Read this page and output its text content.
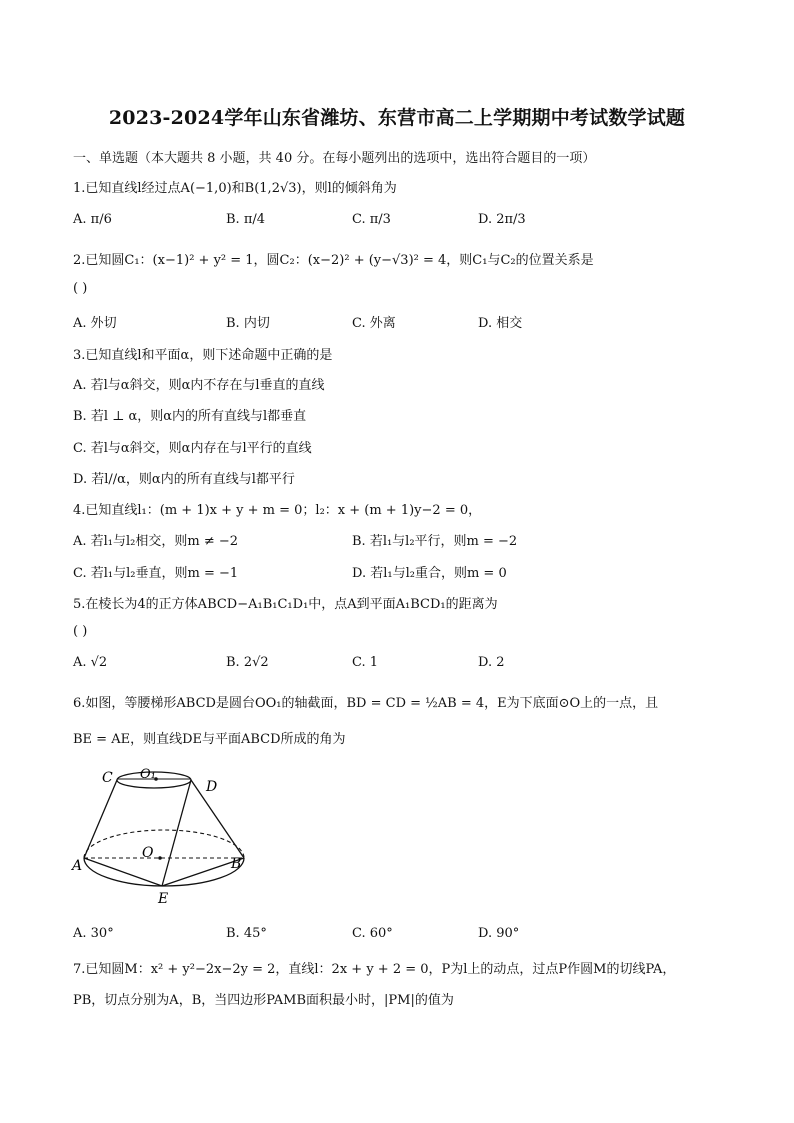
2023-2024学年山东省潍坊、东营市高二上学期期中考试数学试题
一、单选题（本大题共 8 小题，共 40 分。在每小题列出的选项中，选出符合题目的一项）
1.已知直线l经过点A(−1,0)和B(1,2√3)，则l的倾斜角为
A. π/6	B. π/4	C. π/3	D. 2π/3
2.已知圆C₁：(x−1)² + y² = 1，圆C₂：(x−2)² + (y−√3)² = 4，则C₁与C₂的位置关系是
( )
A. 外切	B. 内切	C. 外离	D. 相交
3.已知直线l和平面α，则下述命题中正确的是
A. 若l与α斜交，则α内不存在与l垂直的直线
B. 若l ⊥ α，则α内的所有直线与l都垂直
C. 若l与α斜交，则α内存在与l平行的直线
D. 若l//α，则α内的所有直线与l都平行
4.已知直线l₁：(m + 1)x + y + m = 0；l₂：x + (m + 1)y−2 = 0，
A. 若l₁与l₂相交，则m ≠ −2	B. 若l₁与l₂平行，则m = −2
C. 若l₁与l₂垂直，则m = −1	D. 若l₁与l₂重合，则m = 0
5.在棱长为4的正方体ABCD−A₁B₁C₁D₁中，点A到平面A₁BCD₁的距离为
( )
A. √2	B. 2√2	C. 1	D. 2
6.如图，等腰梯形ABCD是圆台OO₁的轴截面，BD = CD = ½AB = 4，E为下底面⊙O上的一点，且
BE = AE，则直线DE与平面ABCD所成的角为
C O₁
D
A
O
B
E
A. 30°	B. 45°	C. 60°	D. 90°
7.已知圆M：x² + y²−2x−2y = 2，直线l：2x + y + 2 = 0，P为l上的动点，过点P作圆M的切线PA，
PB，切点分别为A，B，当四边形PAMB面积最小时，|PM|的值为
